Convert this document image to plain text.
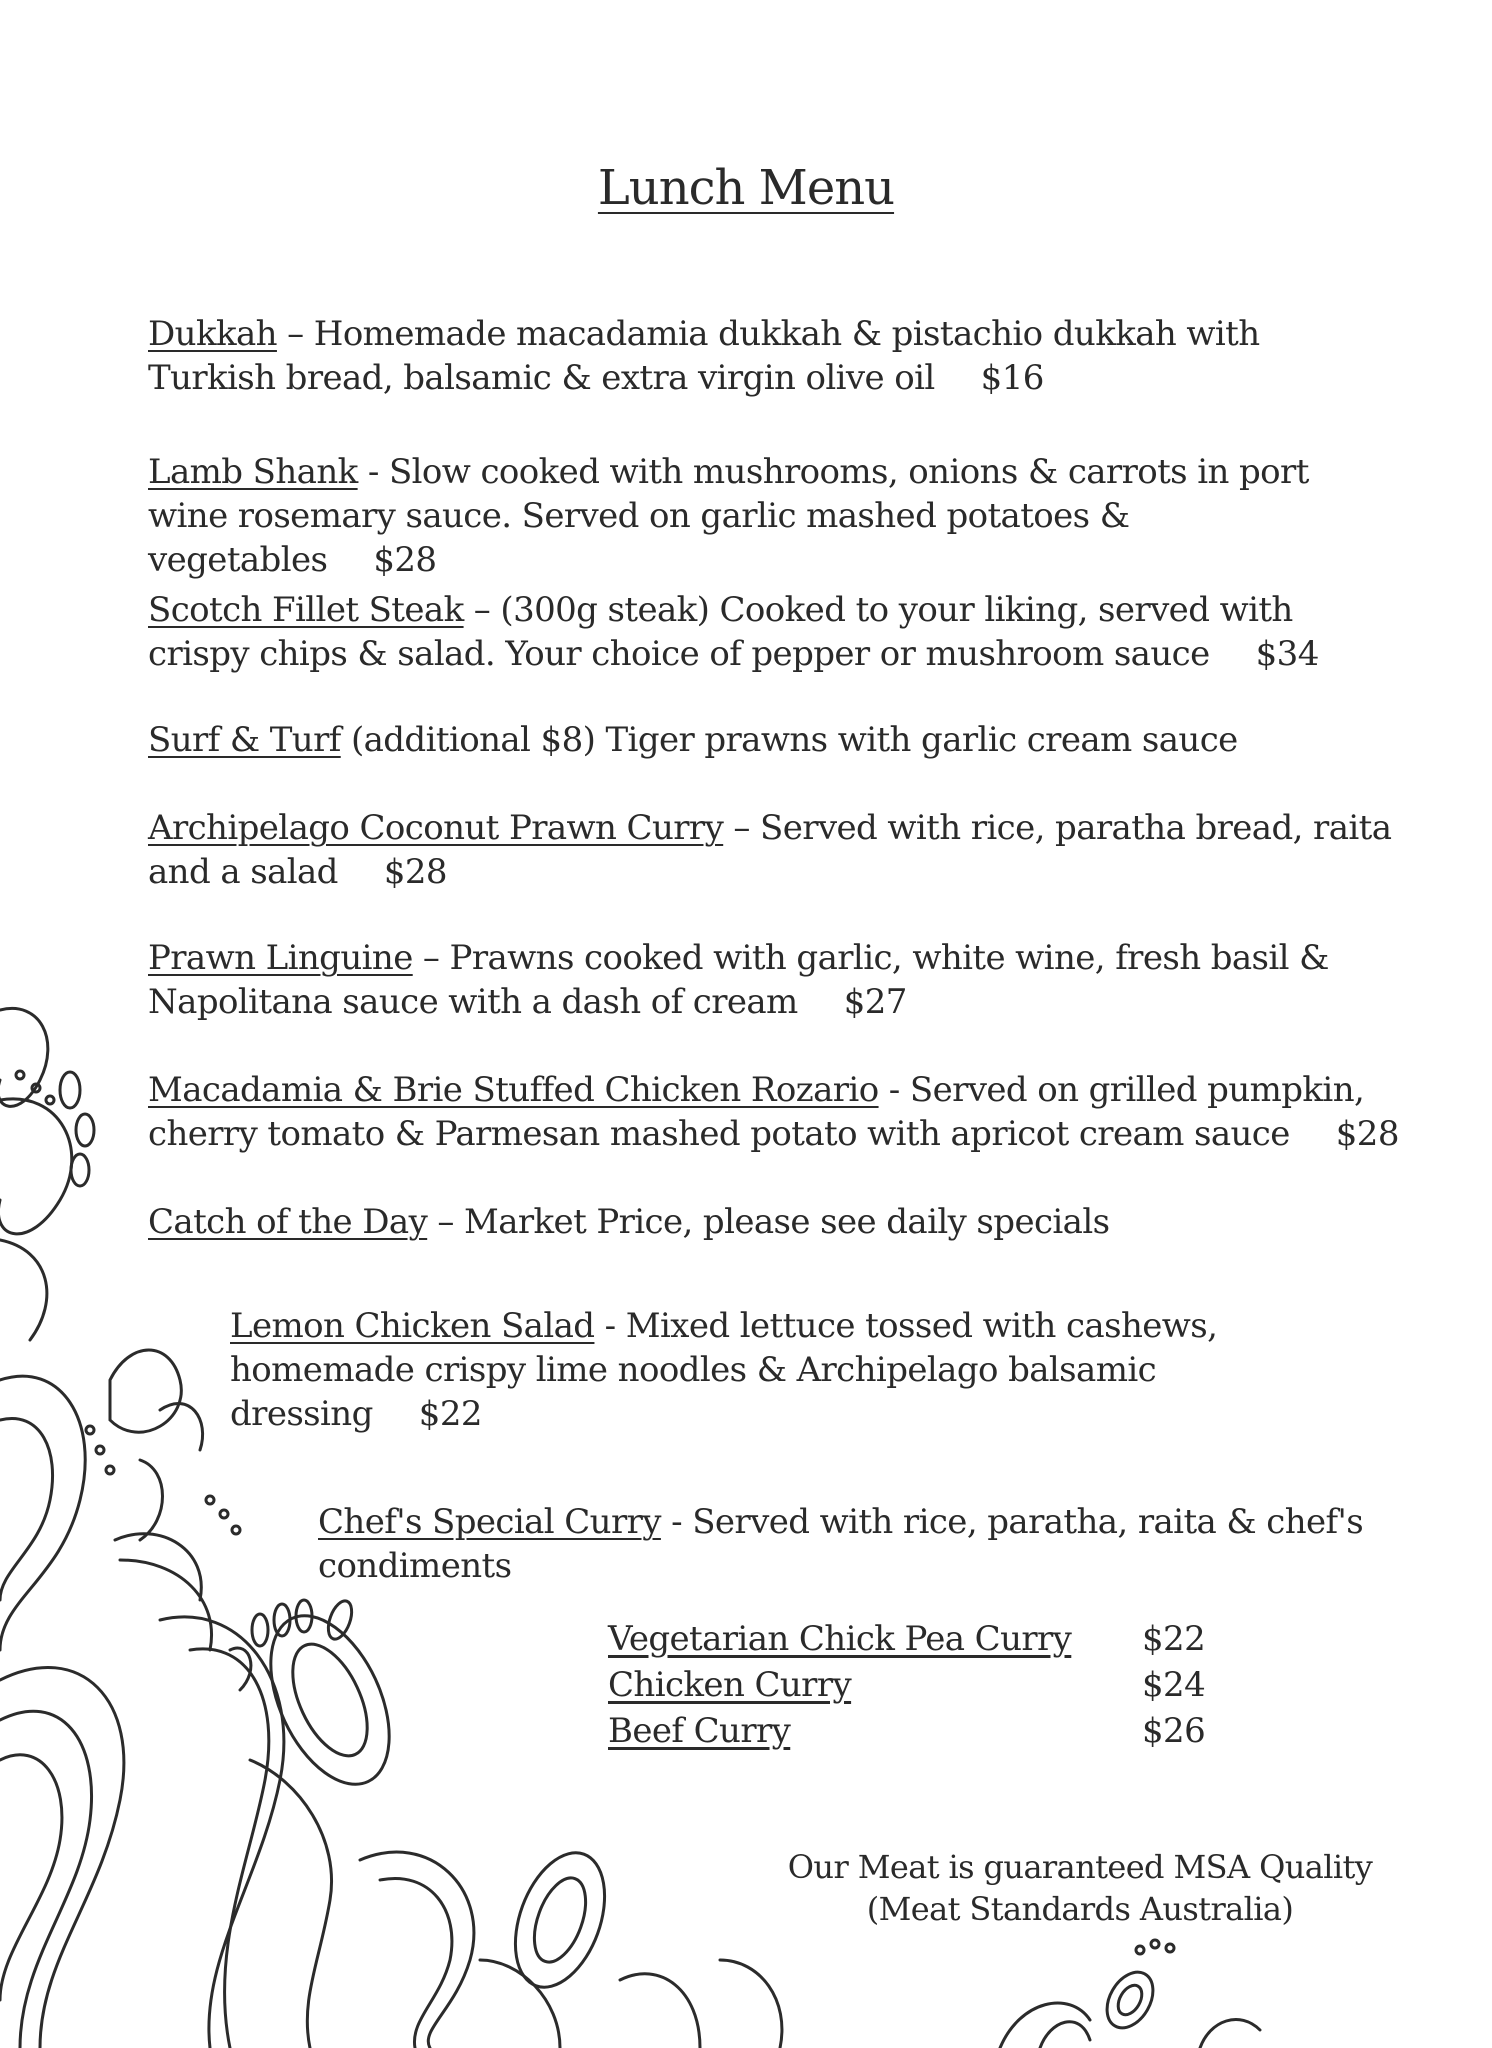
Lunch Menu
Dukkah – Homemade macadamia dukkah & pistachio dukkah with Turkish bread, balsamic & extra virgin olive oil $16
Lamb Shank - Slow cooked with mushrooms, onions & carrots in port wine rosemary sauce. Served on garlic mashed potatoes & vegetables $28
Scotch Fillet Steak – (300g steak) Cooked to your liking, served with crispy chips & salad. Your choice of pepper or mushroom sauce $34
Surf & Turf (additional $8) Tiger prawns with garlic cream sauce
Archipelago Coconut Prawn Curry – Served with rice, paratha bread, raita and a salad $28
Prawn Linguine – Prawns cooked with garlic, white wine, fresh basil & Napolitana sauce with a dash of cream $27
Macadamia & Brie Stuffed Chicken Rozario - Served on grilled pumpkin, cherry tomato & Parmesan mashed potato with apricot cream sauce $28
Catch of the Day – Market Price, please see daily specials
Lemon Chicken Salad - Mixed lettuce tossed with cashews, homemade crispy lime noodles & Archipelago balsamic dressing $22
Chef's Special Curry - Served with rice, paratha, raita & chef's condiments
Vegetarian Chick Pea Curry $22
Chicken Curry	$24
Beef Curry	$26
Our Meat is guaranteed MSA Quality
(Meat Standards Australia)
